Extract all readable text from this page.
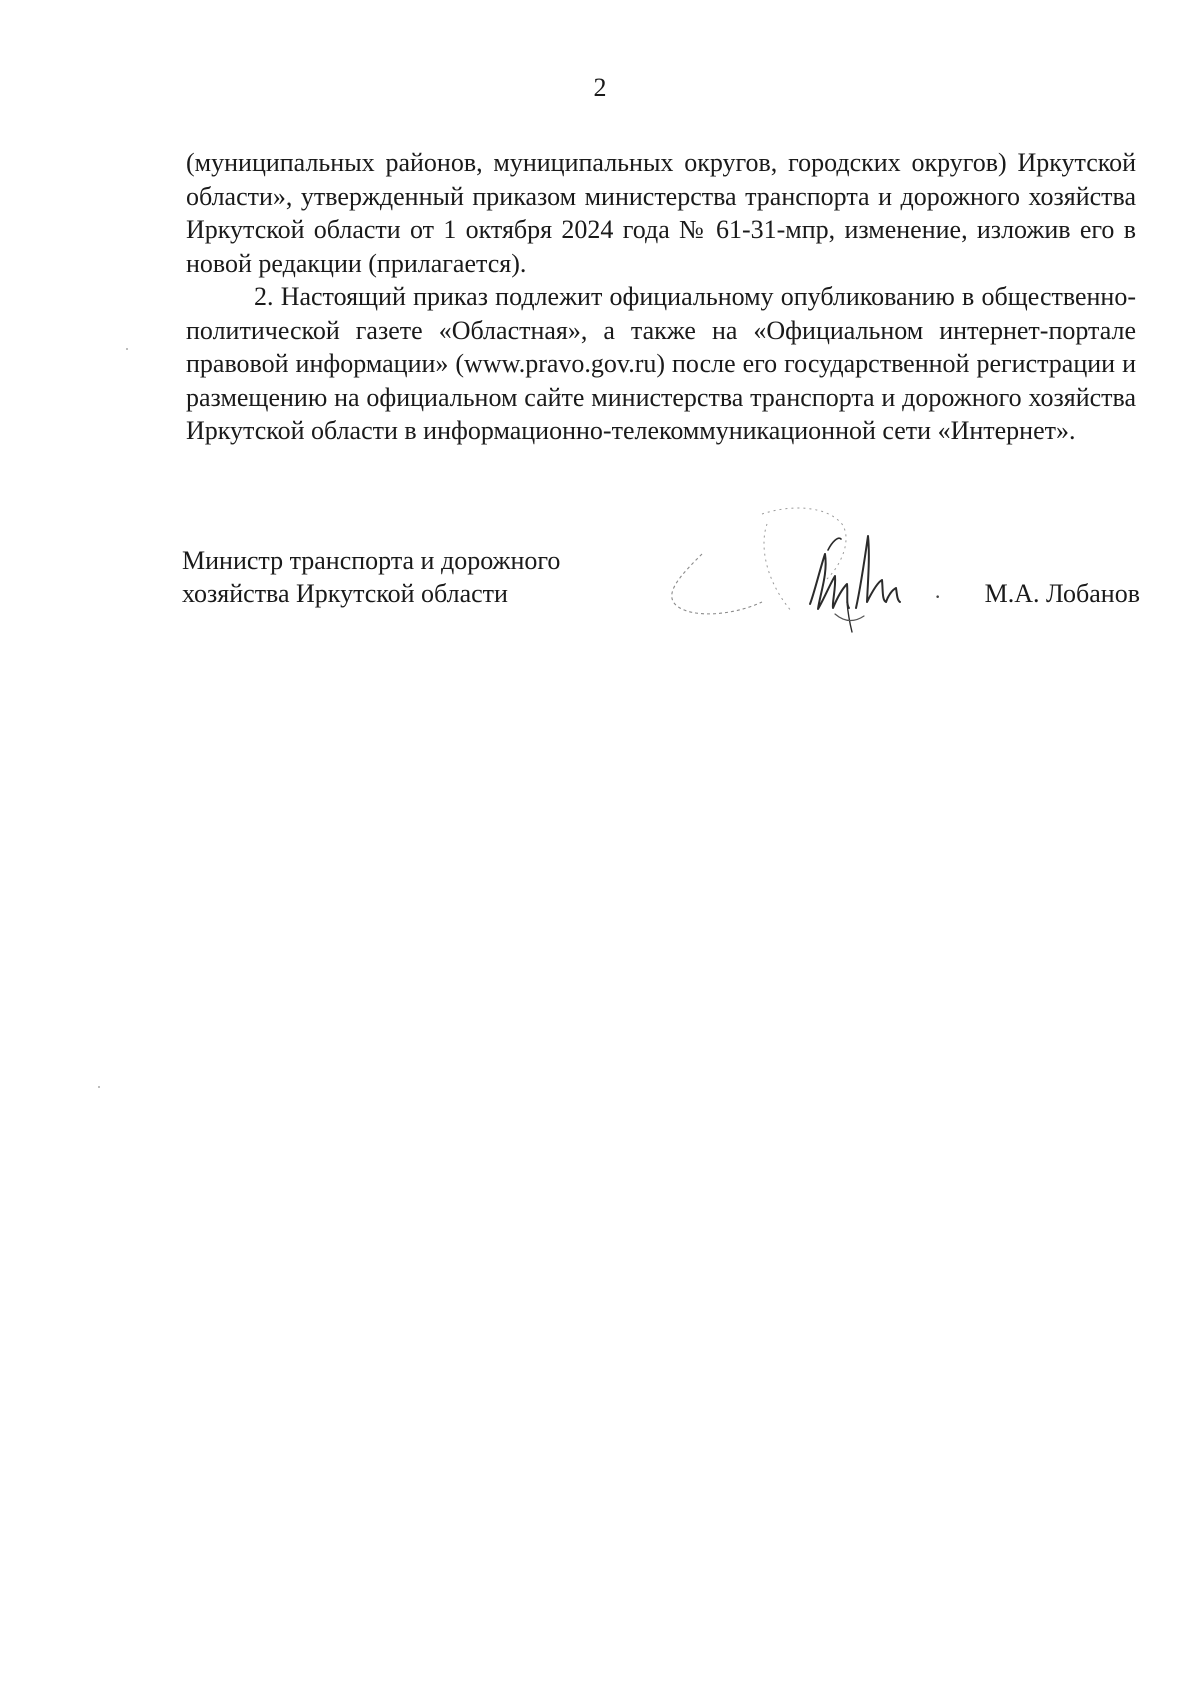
2

(муниципальных районов, муниципальных округов, городских округов) Иркутской области», утвержденный приказом министерства транспорта и дорожного хозяйства Иркутской области от 1 октября 2024 года № 61-31-мпр, изменение, изложив его в новой редакции (прилагается).

2. Настоящий приказ подлежит официальному опубликованию в общественно-политической газете «Областная», а также на «Официальном интернет-портале правовой информации» (www.pravo.gov.ru) после его государственной регистрации и размещению на официальном сайте министерства транспорта и дорожного хозяйства Иркутской области в информационно-телекоммуникационной сети «Интернет».

Министр транспорта и дорожного
хозяйства Иркутской области	· М.А. Лобанов
